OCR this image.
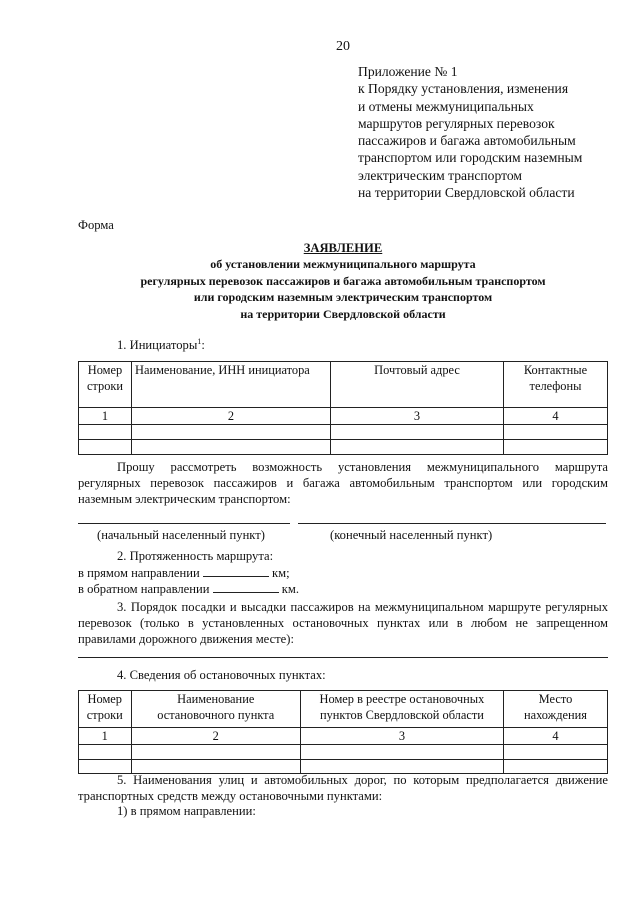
20
Приложение № 1
к Порядку установления, изменения
и отмены межмуниципальных
маршрутов регулярных перевозок
пассажиров и багажа автомобильным
транспортом или городским наземным
электрическим транспортом
на территории Свердловской области
Форма
ЗАЯВЛЕНИЕ
об установлении межмуниципального маршрута
регулярных перевозок пассажиров и багажа автомобильным транспортом
или городским наземным электрическим транспортом
на территории Свердловской области
1. Инициаторы$^1$:
Номер строки	Наименование, ИНН инициатора	Почтовый адрес	Контактные телефоны
1	2	3	4

Прошу рассмотреть возможность установления межмуниципального маршрута регулярных перевозок пассажиров и багажа автомобильным транспортом или городским наземным электрическим транспортом:
(начальный населенный пункт)	(конечный населенный пункт)
2. Протяженность маршрута:
в прямом направлении	км;
в обратном направлении	км.
3. Порядок посадки и высадки пассажиров на межмуниципальном маршруте регулярных перевозок (только в установленных остановочных пунктах или в любом не запрещенном правилами дорожного движения месте):
4. Сведения об остановочных пунктах:
Номер строки	Наименование остановочного пункта	Номер в реестре остановочных пунктов Свердловской области	Место нахождения
1	2	3	4

5. Наименования улиц и автомобильных дорог, по которым предполагается движение транспортных средств между остановочными пунктами:
1) в прямом направлении:
